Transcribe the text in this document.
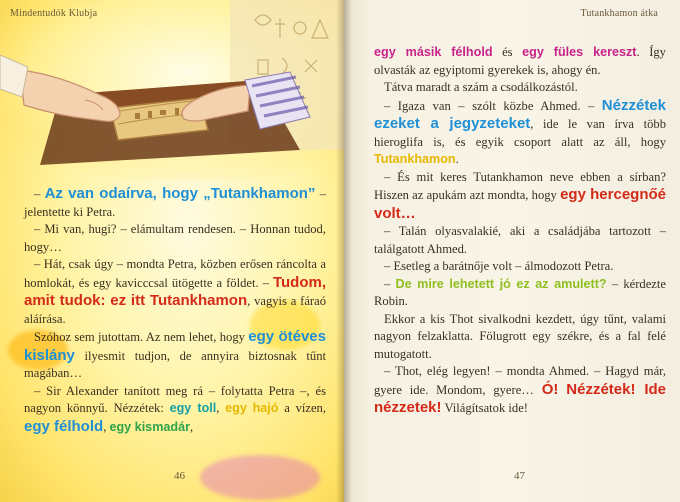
Mindentudók Klubja

– Az van odaírva, hogy „Tutankhamon” – jelentette ki Petra.

– Mi van, hugi? – elámultam rendesen. – Honnan tudod, hogy…

– Hát, csak úgy – mondta Petra, közben erősen ráncolta a homlokát, és egy kavicccsal ütögette a földet. – Tudom, amit tudok: ez itt Tutankhamon, vagyis a fáraó aláírása.

Szóhoz sem jutottam. Az nem lehet, hogy egy ötéves kislány ilyesmit tudjon, de annyira biztosnak tűnt magában…

– Sir Alexander tanított meg rá – folytatta Petra –, és nagyon könnyű. Nézzétek: egy toll, egy hajó a vízen, egy félhold, egy kismadár,

46
Tutankhamon átka

egy másik félhold és egy füles kereszt. Így olvasták az egyiptomi gyerekek is, ahogy én.

Tátva maradt a szám a csodálkozástól.

– Igaza van – szólt közbe Ahmed. – Nézzétek ezeket a jegyzeteket, ide le van írva több hieroglifa is, és egyik csoport alatt az áll, hogy Tutankhamon.

– És mit keres Tutankhamon neve ebben a sírban? Hiszen az apukám azt mondta, hogy egy hercegnőé volt…

– Talán olyasvalakié, aki a családjába tartozott – találgatott Ahmed.

– Esetleg a barátnője volt – álmodozott Petra.

– De mire lehetett jó ez az amulett? – kérdezte Robin.

Ekkor a kis Thot sivalkodni kezdett, úgy tűnt, valami nagyon felzaklatta. Fölugrott egy székre, és a fal felé mutogatott.

– Thot, elég legyen! – mondta Ahmed. – Hagyd már, gyere ide. Mondom, gyere… Ó! Nézzétek! Ide nézzetek! Világítsatok ide!

47
